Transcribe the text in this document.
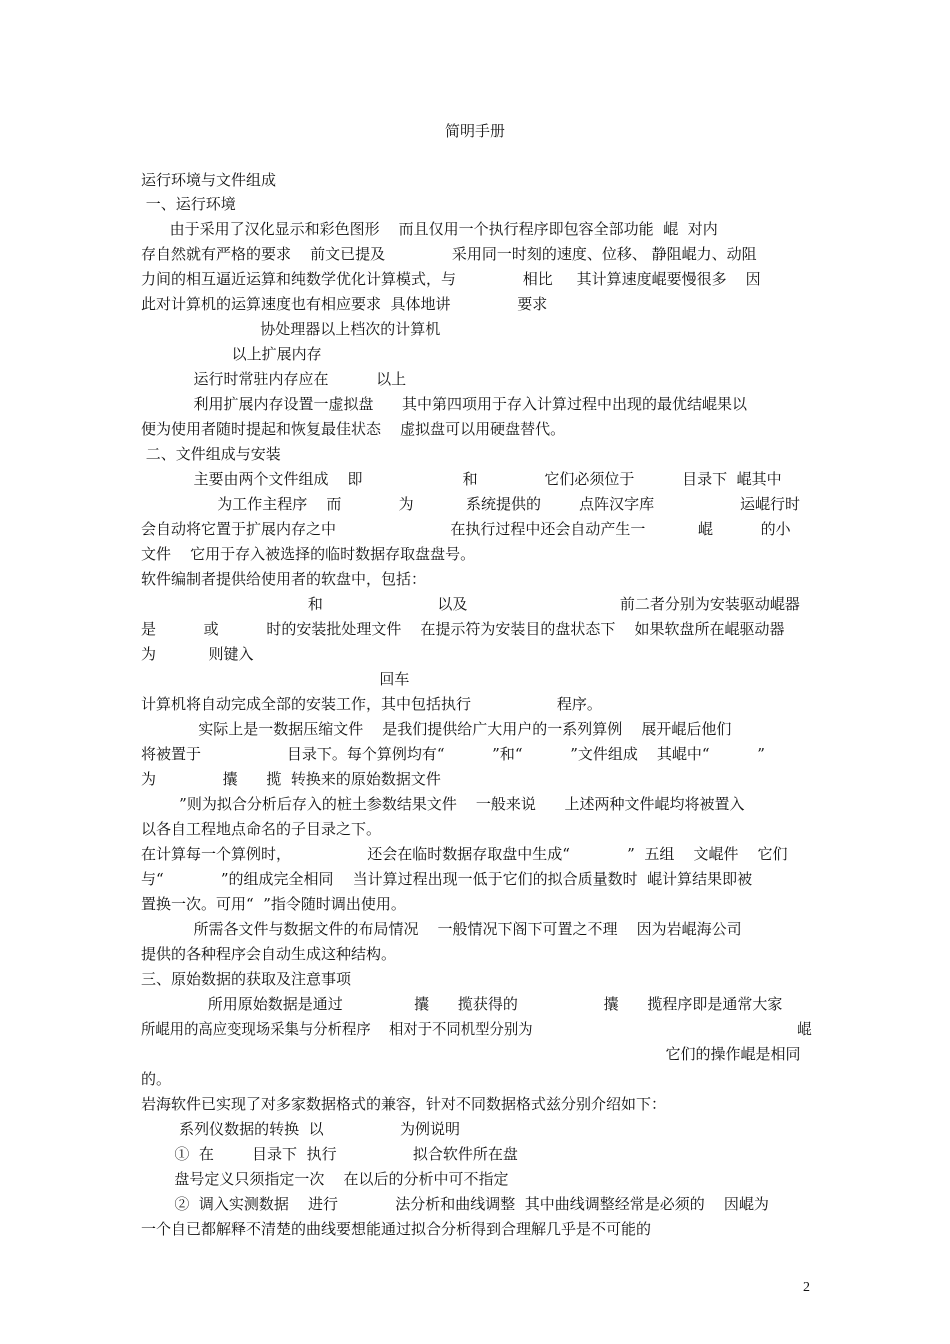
简明手册
运行环境与文件组成
一、运行环境
由于采用了汉化显示和彩色图形    而且仅用一个执行程序即包容全部功能  崐  对内
存自然就有严格的要求    前文已提及              采用同一时刻的速度、位移、 静阻崐力、动阻
力间的相互逼近运算和纯数学优化计算模式，与              相比     其计算速度崐要慢很多    因
此对计算机的运算速度也有相应要求  具体地讲              要求
协处理器以上档次的计算机
以上扩展内存
运行时常驻内存应在          以上
利用扩展内存设置一虚拟盘      其中第四项用于存入计算过程中出现的最优结崐果以
便为使用者随时提起和恢复最佳状态    虚拟盘可以用硬盘替代。
二、文件组成与安装
主要由两个文件组成    即                     和              它们必须位于          目录下  崐其中
为工作主程序    而            为           系统提供的        点阵汉字库                  运崐行时
会自动将它置于扩展内存之中                        在执行过程中还会自动产生一           崐          的小
文件    它用于存入被选择的临时数据存取盘盘号。
软件编制者提供给使用者的软盘中，包括：
和                        以及                                前二者分别为安装驱动崐器
是          或          时的安装批处理文件    在提示符为安装目的盘状态下    如果软盘所在崐驱动器
为           则键入
回车
计算机将自动完成全部的安装工作，其中包括执行                  程序。
实际上是一数据压缩文件    是我们提供给广大用户的一系列算例    展开崐后他们
将被置于                  目录下。每个算例均有“          ”和“          ”文件组成    其崐中“          ”
为              攮      揽  转换来的原始数据文件
”则为拟合分析后存入的桩土参数结果文件    一般来说      上述两种文件崐均将被置入
以各自工程地点命名的子目录之下。
在计算每一个算例时，                还会在临时数据存取盘中生成“            ”  五组    文崐件    它们
与“            ”的组成完全相同    当计算过程出现一低于它们的拟合质量数时  崐计算结果即被
置换一次。可用“  ”指令随时调出使用。
所需各文件与数据文件的布局情况    一般情况下阁下可置之不理    因为岩崐海公司
提供的各种程序会自动生成这种结构。
三、原始数据的获取及注意事项
所用原始数据是通过               攮      揽获得的                  攮      揽程序即是通常大家
所崐用的高应变现场采集与分析程序    相对于不同机型分别为                                                          崐
它们的操作崐是相同
的。
岩海软件已实现了对多家数据格式的兼容，针对不同数据格式兹分别介绍如下：
系列仪数据的转换  以                为例说明
①  在        目录下  执行                拟合软件所在盘
盘号定义只须指定一次    在以后的分析中可不指定
②  调入实测数据    进行            法分析和曲线调整  其中曲线调整经常是必须的    因崐为
一个自已都解释不清楚的曲线要想能通过拟合分析得到合理解几乎是不可能的
2
